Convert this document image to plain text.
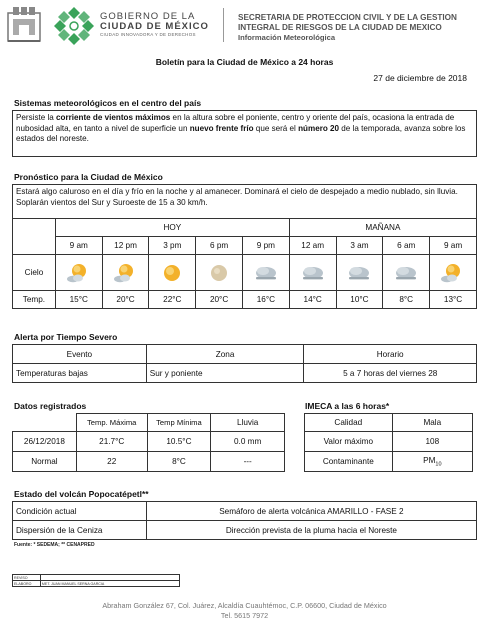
GOBIERNO DE LA
CIUDAD DE MÉXICO
CIUDAD INNOVADORA Y DE DERECHOS
SECRETARIA DE PROTECCION CIVIL Y DE LA GESTION
INTEGRAL DE RIESGOS DE LA CIUDAD DE MEXICO
Información Meteorológica
Boletín para la Ciudad de México a 24 horas
27 de diciembre de 2018
Sistemas meteorológicos en el centro del país
Persiste la corriente de vientos máximos en la altura sobre el poniente, centro y oriente del país, ocasiona la entrada de nubosidad alta, en tanto a nivel de superficie un nuevo frente frío que será el número 20 de la temporada, avanza sobre los estados del noreste.
Pronóstico para la Ciudad de México
Estará algo caluroso en el día y frío en la noche y al amanecer. Dominará el cielo de despejado a medio nublado, sin lluvia. Soplarán vientos del Sur y Suroeste de 15 a 30 km/h.
	HOY					MAÑANA			
	9 am	12 pm	3 pm	6 pm	9 pm	12 am	3 am	6 am	9 am
Cielo	

Temp.	15°C	20°C	22°C	20°C	16°C	14°C	10°C	8°C	13°C
Alerta por Tiempo Severo
Evento	Zona	Horario
Temperaturas bajas	Sur y poniente	5 a 7 horas del viernes 28
Datos registrados
	Temp. Máxima	Temp Mínima	Lluvia
26/12/2018	21.7°C	10.5°C	0.0 mm
Normal	22	8°C	---
IMECA a las 6 horas*
Calidad	Mala
Valor máximo	108
Contaminante	$PM_{10}$
Estado del volcán Popocatépetl**
Condición actual	Semáforo de alerta volcánica AMARILLO - FASE 2
Dispersión de la Ceniza	Dirección prevista de la pluma hacia el Noreste
Fuente: * SEDEMA; ** CENAPRED
REVISO	
ELABORO	MET. JUAN MANUEL SERNA GARCIA
Abraham González 67, Col. Juárez, Alcaldía Cuauhtémoc, C.P. 06600, Ciudad de México
Tel. 5615 7972
